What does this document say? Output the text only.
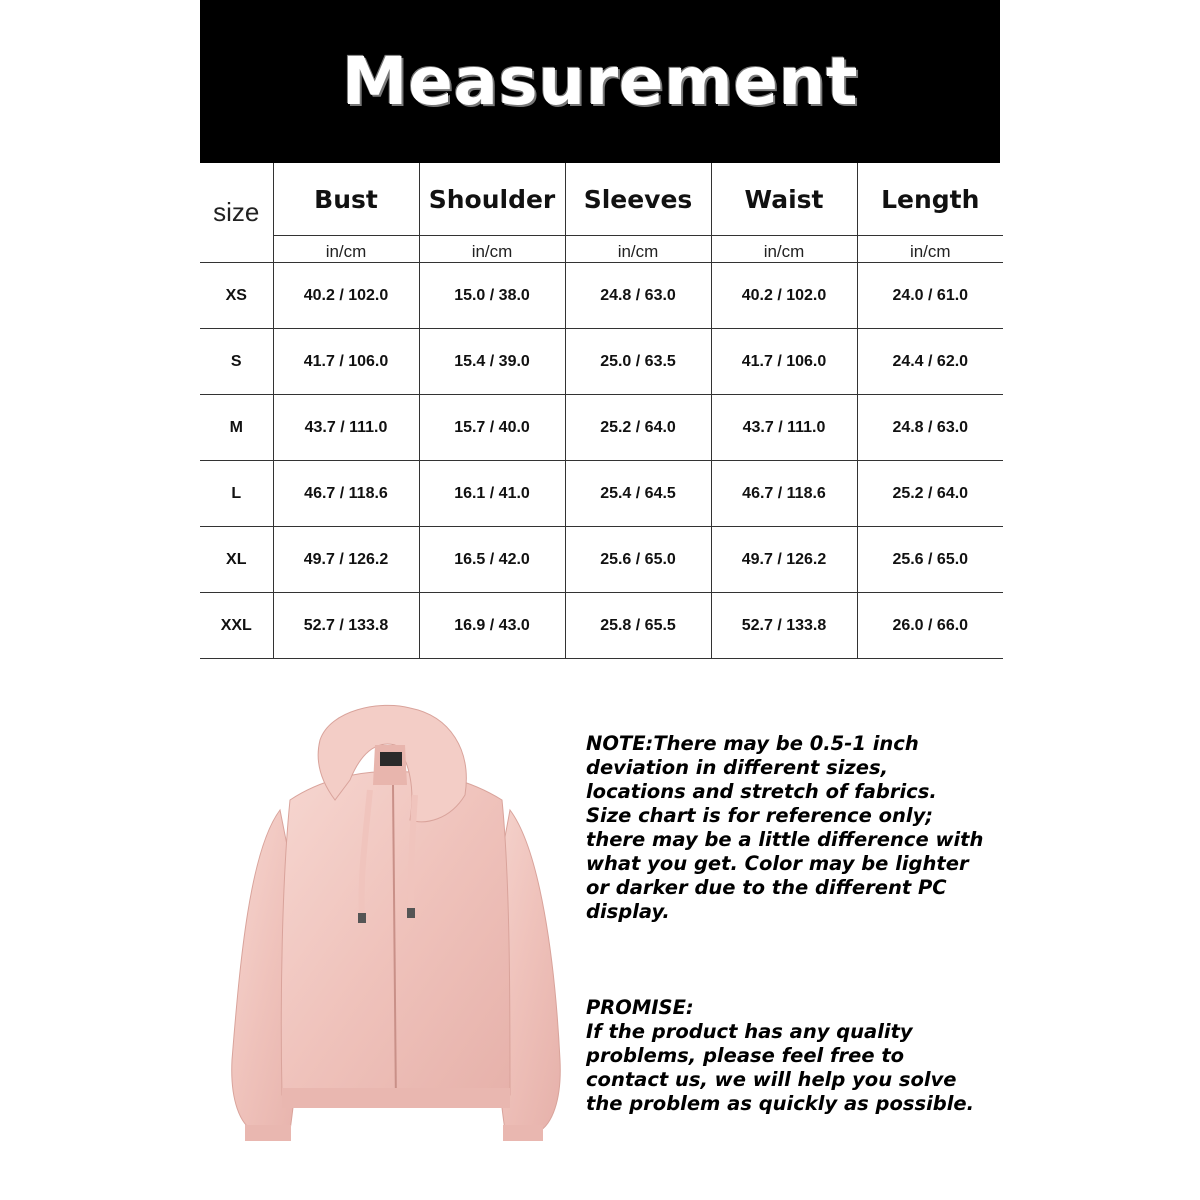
Measurement
size	Bust	Shoulder	Sleeves	Waist	Length
	in/cm	in/cm	in/cm	in/cm	in/cm
XS	40.2 / 102.0	15.0 / 38.0	24.8 / 63.0	40.2 / 102.0	24.0 / 61.0
S	41.7 / 106.0	15.4 / 39.0	25.0 / 63.5	41.7 / 106.0	24.4 / 62.0
M	43.7 / 111.0	15.7 / 40.0	25.2 / 64.0	43.7 / 111.0	24.8 / 63.0
L	46.7 / 118.6	16.1 / 41.0	25.4 / 64.5	46.7 / 118.6	25.2 / 64.0
XL	49.7 / 126.2	16.5 / 42.0	25.6 / 65.0	49.7 / 126.2	25.6 / 65.0
XXL	52.7 / 133.8	16.9 / 43.0	25.8 / 65.5	52.7 / 133.8	26.0 / 66.0

NOTE:There may be 0.5-1 inch deviation in different sizes, locations and stretch of fabrics. Size chart is for reference only; there may be a little difference with what you get. Color may be lighter or darker due to the different PC display.

PROMISE:

If the product has any quality problems, please feel free to contact us, we will help you solve the problem as quickly as possible.
